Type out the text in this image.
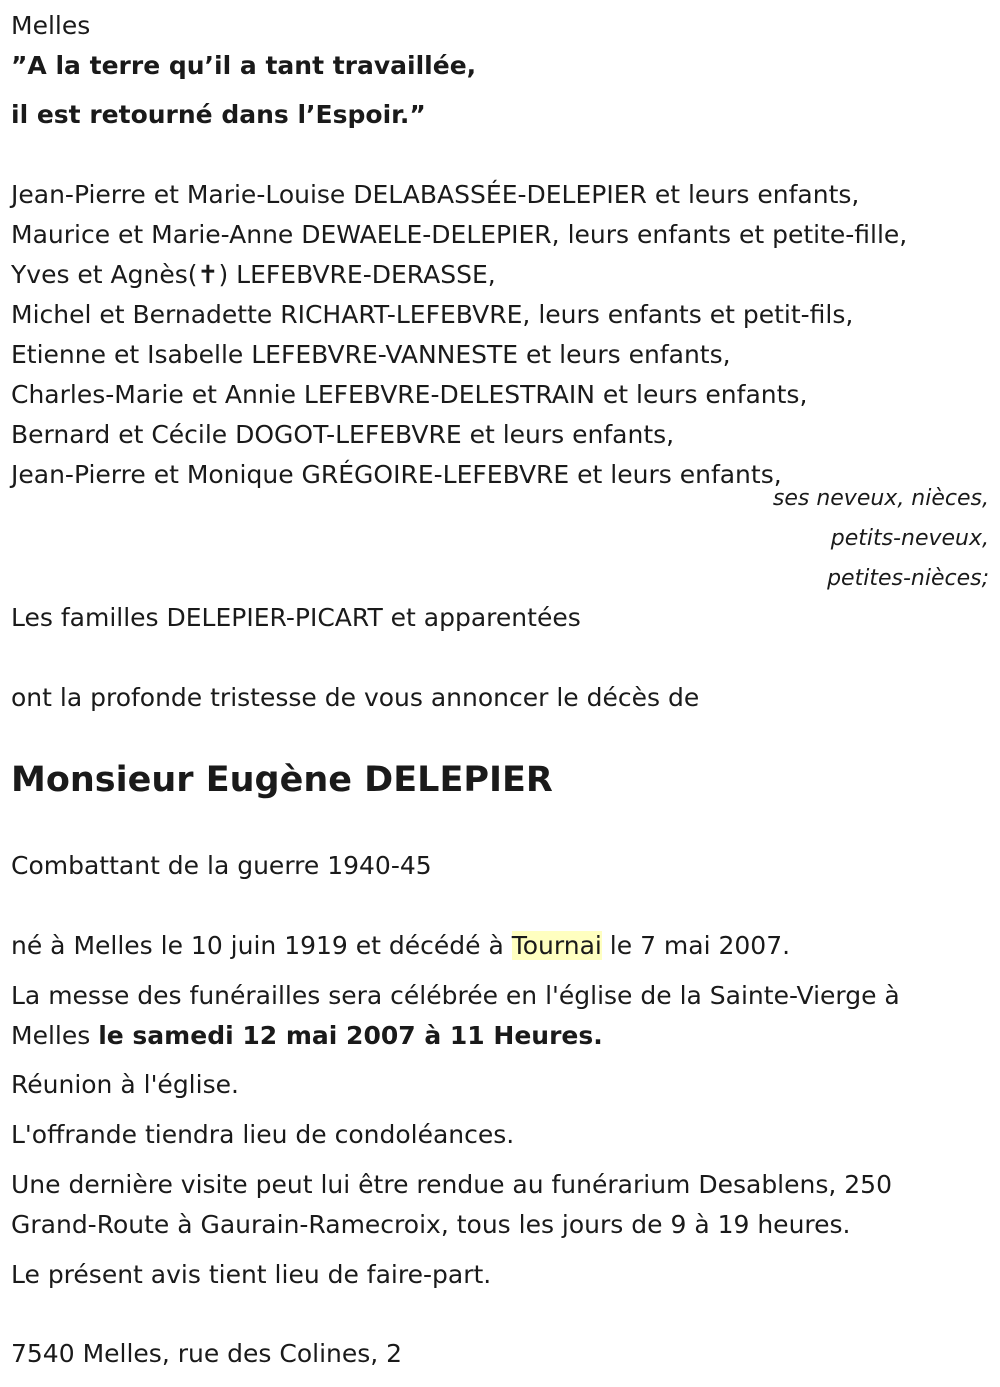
Melles
”A la terre qu’il a tant travaillée,
il est retourné dans l’Espoir.”
Jean-Pierre et Marie-Louise DELABASSÉE-DELEPIER et leurs enfants,
Maurice et Marie-Anne DEWAELE-DELEPIER, leurs enfants et petite-fille,
Yves et Agnès(✝) LEFEBVRE-DERASSE,
Michel et Bernadette RICHART-LEFEBVRE, leurs enfants et petit-fils,
Etienne et Isabelle LEFEBVRE-VANNESTE et leurs enfants,
Charles-Marie et Annie LEFEBVRE-DELESTRAIN et leurs enfants,
Bernard et Cécile DOGOT-LEFEBVRE et leurs enfants,
Jean-Pierre et Monique GRÉGOIRE-LEFEBVRE et leurs enfants,
ses neveux, nièces,
petits-neveux,
petites-nièces;
Les familles DELEPIER-PICART et apparentées
ont la profonde tristesse de vous annoncer le décès de
Monsieur Eugène DELEPIER
Combattant de la guerre 1940-45
né à Melles le 10 juin 1919 et décédé à Tournai le 7 mai 2007.
La messe des funérailles sera célébrée en l'église de la Sainte-Vierge à
Melles le samedi 12 mai 2007 à 11 Heures.
Réunion à l'église.
L'offrande tiendra lieu de condoléances.
Une dernière visite peut lui être rendue au funérarium Desablens, 250
Grand-Route à Gaurain-Ramecroix, tous les jours de 9 à 19 heures.
Le présent avis tient lieu de faire-part.
7540 Melles, rue des Colines, 2
